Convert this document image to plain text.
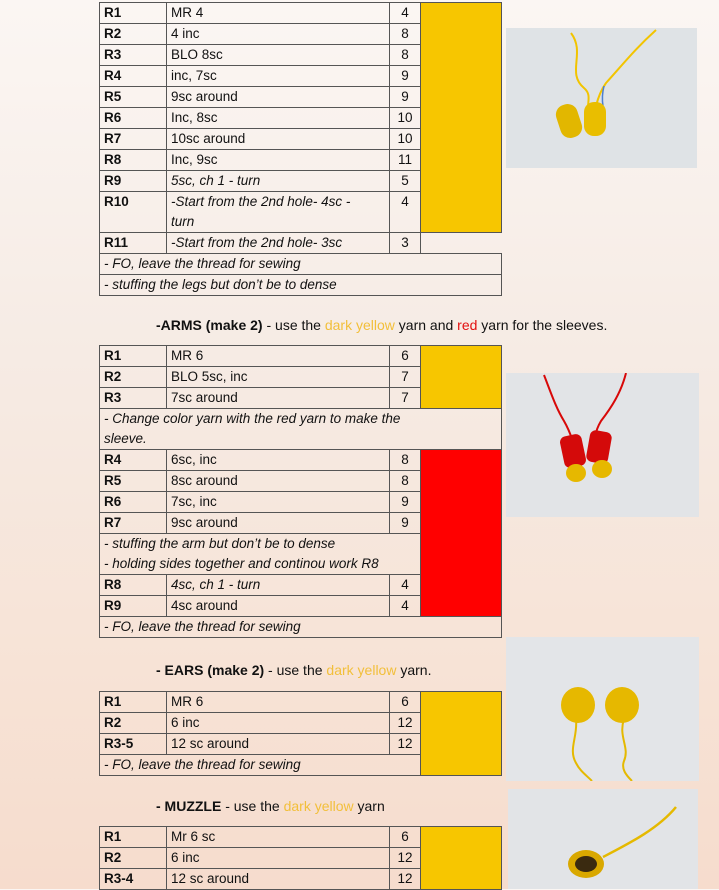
R1	MR 4	4	
R2	4 inc	8	
R3	BLO 8sc	8	
R4	inc, 7sc	9	
R5	9sc around	9	
R6	Inc, 8sc	10	
R7	10sc around	10	
R8	Inc, 9sc	11	
R9	5sc, ch 1 - turn	5	
R10	-Start from the 2nd hole- 4sc -	4	
	turn		
R11	-Start from the 2nd hole- 3sc	3	
- FO, leave the thread for sewing			
- stuffing the legs but don’t be to dense			
-ARMS (make 2) - use the dark yellow yarn and red yarn for the sleeves.
R1	MR 6	6	
R2	BLO 5sc, inc	7	
R3	7sc around	7	
- Change color yarn with the red yarn to make the			
sleeve.			
R4	6sc, inc	8	
R5	8sc around	8	
R6	7sc, inc	9	
R7	9sc around	9	
- stuffing the arm but don’t be to dense			
- holding sides together and continou work R8			
R8	4sc, ch 1 - turn	4	
R9	4sc around	4	
- FO, leave the thread for sewing			
- EARS (make 2) - use the dark yellow yarn.
R1	MR 6	6	
R2	6 inc	12	
R3-5	12 sc around	12	
- FO, leave the thread for sewing			
- MUZZLE - use the dark yellow yarn
R1	Mr 6 sc	6	
R2	6 inc	12	
R3-4	12 sc around	12	
